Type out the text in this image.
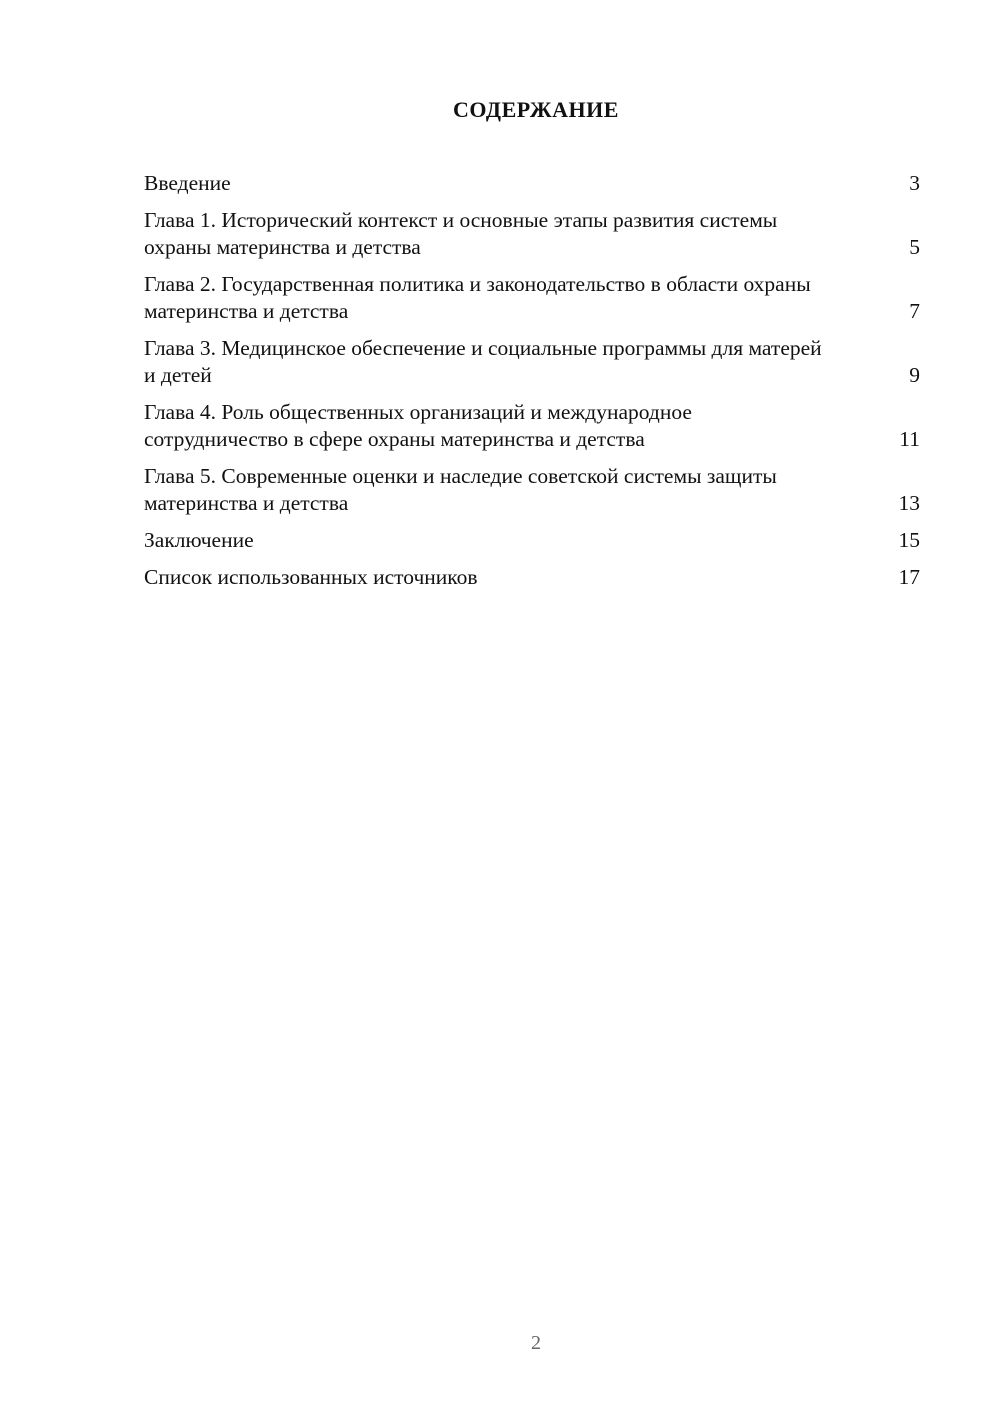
СОДЕРЖАНИЕ
Введение	3
Глава 1. Исторический контекст и основные этапы развития системы охраны материнства и детства	5
Глава 2. Государственная политика и законодательство в области охраны материнства и детства	7
Глава 3. Медицинское обеспечение и социальные программы для матерей и детей	9
Глава 4. Роль общественных организаций и международное сотрудничество в сфере охраны материнства и детства	11
Глава 5. Современные оценки и наследие советской системы защиты материнства и детства	13
Заключение	15
Список использованных источников	17
2
